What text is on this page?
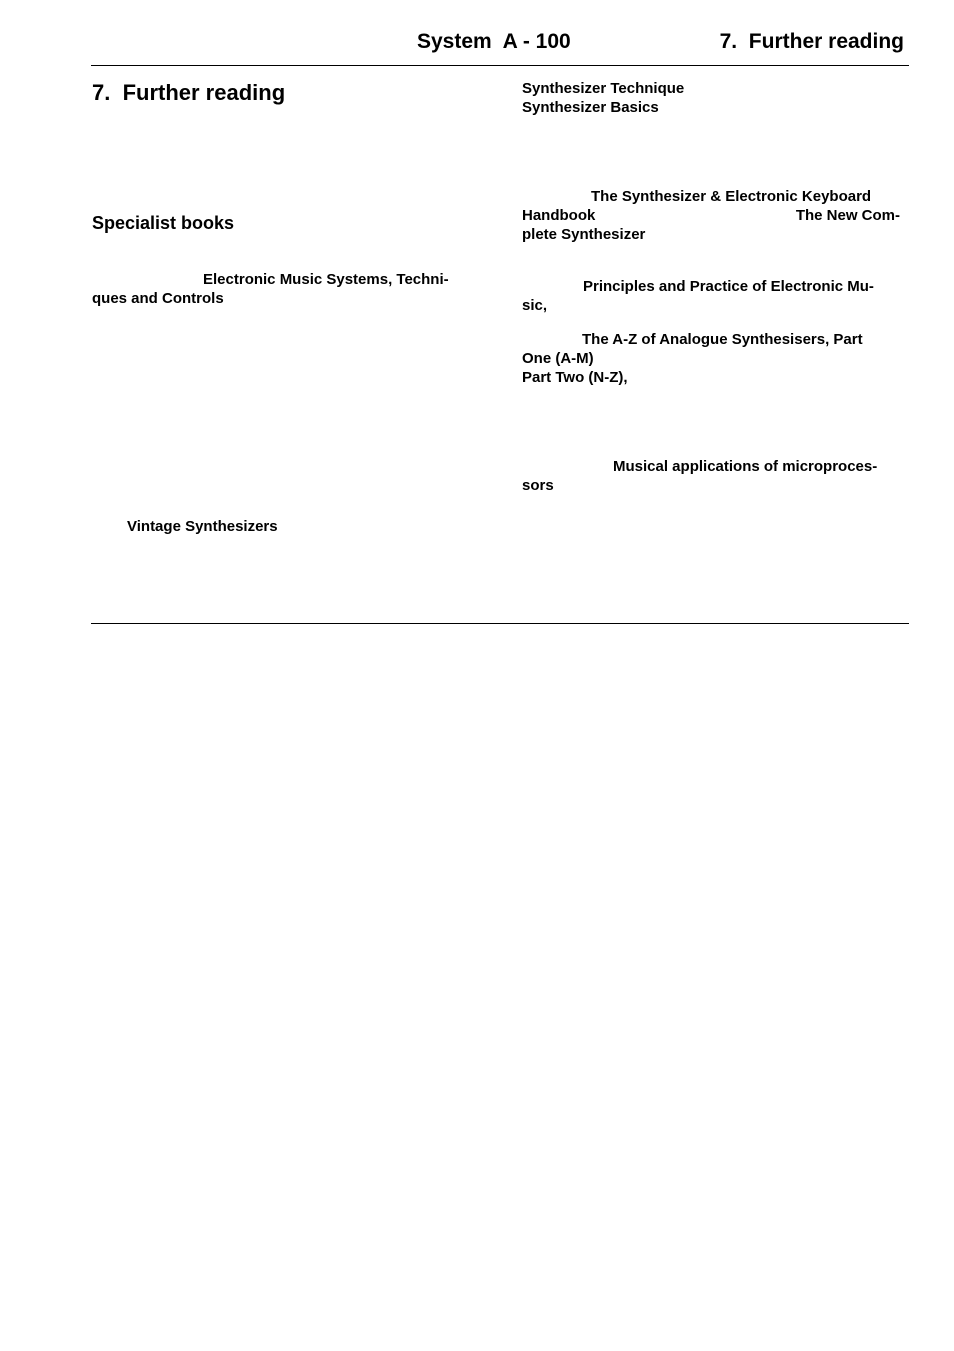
System  A - 100	7.  Further reading
7.  Further reading
Specialist books
Electronic Music Systems, Techni-
ques and Controls
Vintage Synthesizers
Synthesizer Technique
Synthesizer Basics
The Synthesizer & Electronic Keyboard
Handbook	The New Com-
plete Synthesizer
Principles and Practice of Electronic Mu-
sic,
The A-Z of Analogue Synthesisers, Part
One (A-M)
Part Two (N-Z),
Musical applications of microproces-
sors
